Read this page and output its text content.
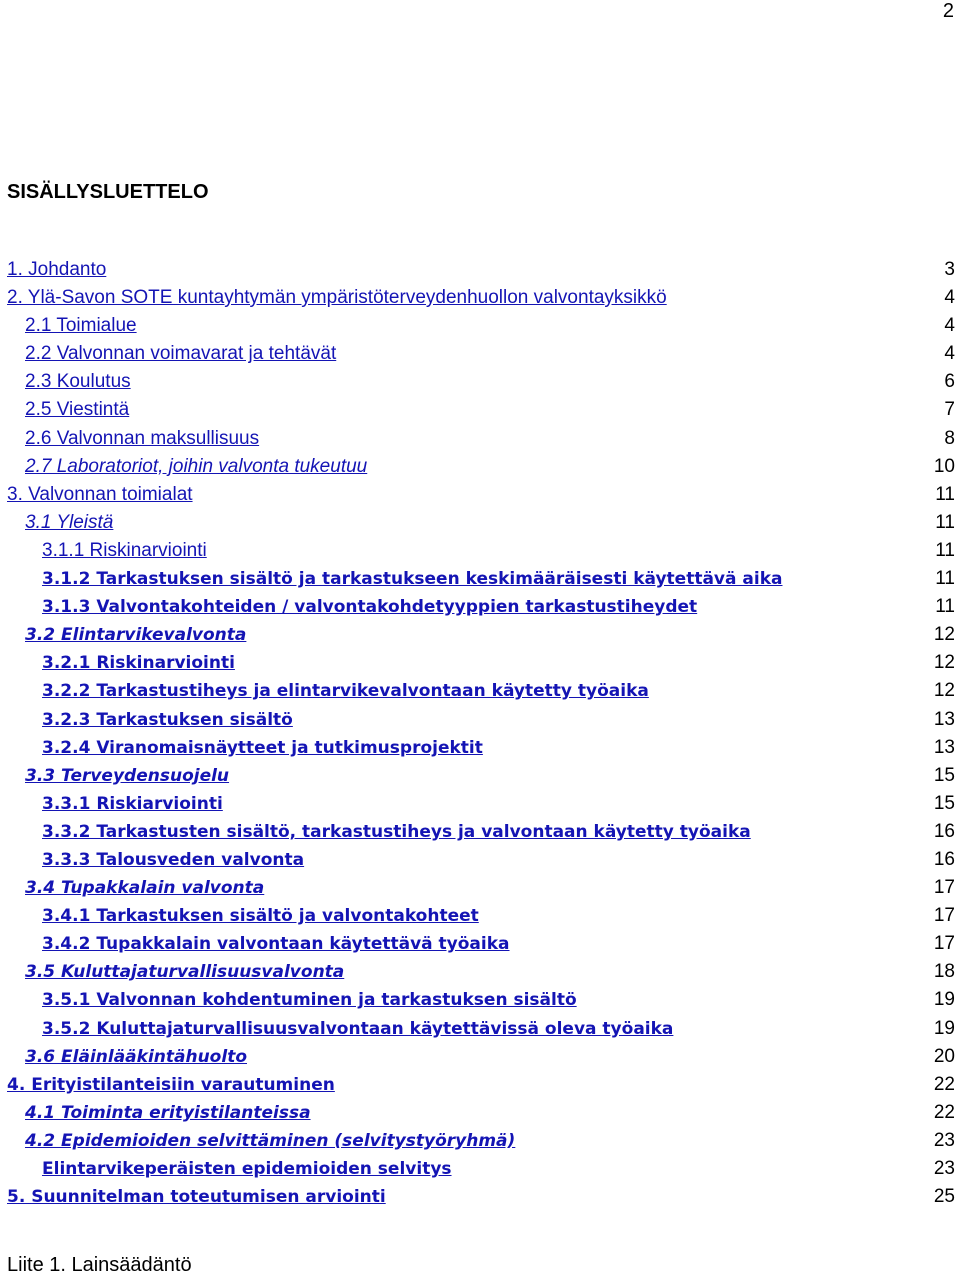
2
SISÄLLYSLUETTELO
1. Johdanto	3
2. Ylä-Savon SOTE kuntayhtymän ympäristöterveydenhuollon valvontayksikkö	4
2.1 Toimialue	4
2.2 Valvonnan voimavarat ja tehtävät	4
2.3 Koulutus	6
2.5 Viestintä	7
2.6 Valvonnan maksullisuus	8
2.7 Laboratoriot, joihin valvonta tukeutuu	10
3. Valvonnan toimialat	11
3.1 Yleistä	11
3.1.1 Riskinarviointi	11
3.1.2 Tarkastuksen sisältö ja tarkastukseen keskimääräisesti käytettävä aika	11
3.1.3 Valvontakohteiden / valvontakohdetyyppien tarkastustiheydet	11
3.2 Elintarvikevalvonta	12
3.2.1 Riskinarviointi	12
3.2.2 Tarkastustiheys ja elintarvikevalvontaan käytetty työaika	12
3.2.3 Tarkastuksen sisältö	13
3.2.4 Viranomaisnäytteet ja tutkimusprojektit	13
3.3 Terveydensuojelu	15
3.3.1 Riskiarviointi	15
3.3.2 Tarkastusten sisältö, tarkastustiheys ja valvontaan käytetty työaika	16
3.3.3 Talousveden valvonta	16
3.4 Tupakkalain valvonta	17
3.4.1 Tarkastuksen sisältö ja valvontakohteet	17
3.4.2 Tupakkalain valvontaan käytettävä työaika	17
3.5 Kuluttajaturvallisuusvalvonta	18
3.5.1 Valvonnan kohdentuminen ja tarkastuksen sisältö	19
3.5.2 Kuluttajaturvallisuusvalvontaan käytettävissä oleva työaika	19
3.6 Eläinlääkintähuolto	20
4. Erityistilanteisiin varautuminen	22
4.1 Toiminta erityistilanteissa	22
4.2 Epidemioiden selvittäminen (selvitystyöryhmä)	23
Elintarvikeperäisten epidemioiden selvitys	23
5. Suunnitelman toteutumisen arviointi	25
Liite 1. Lainsäädäntö
